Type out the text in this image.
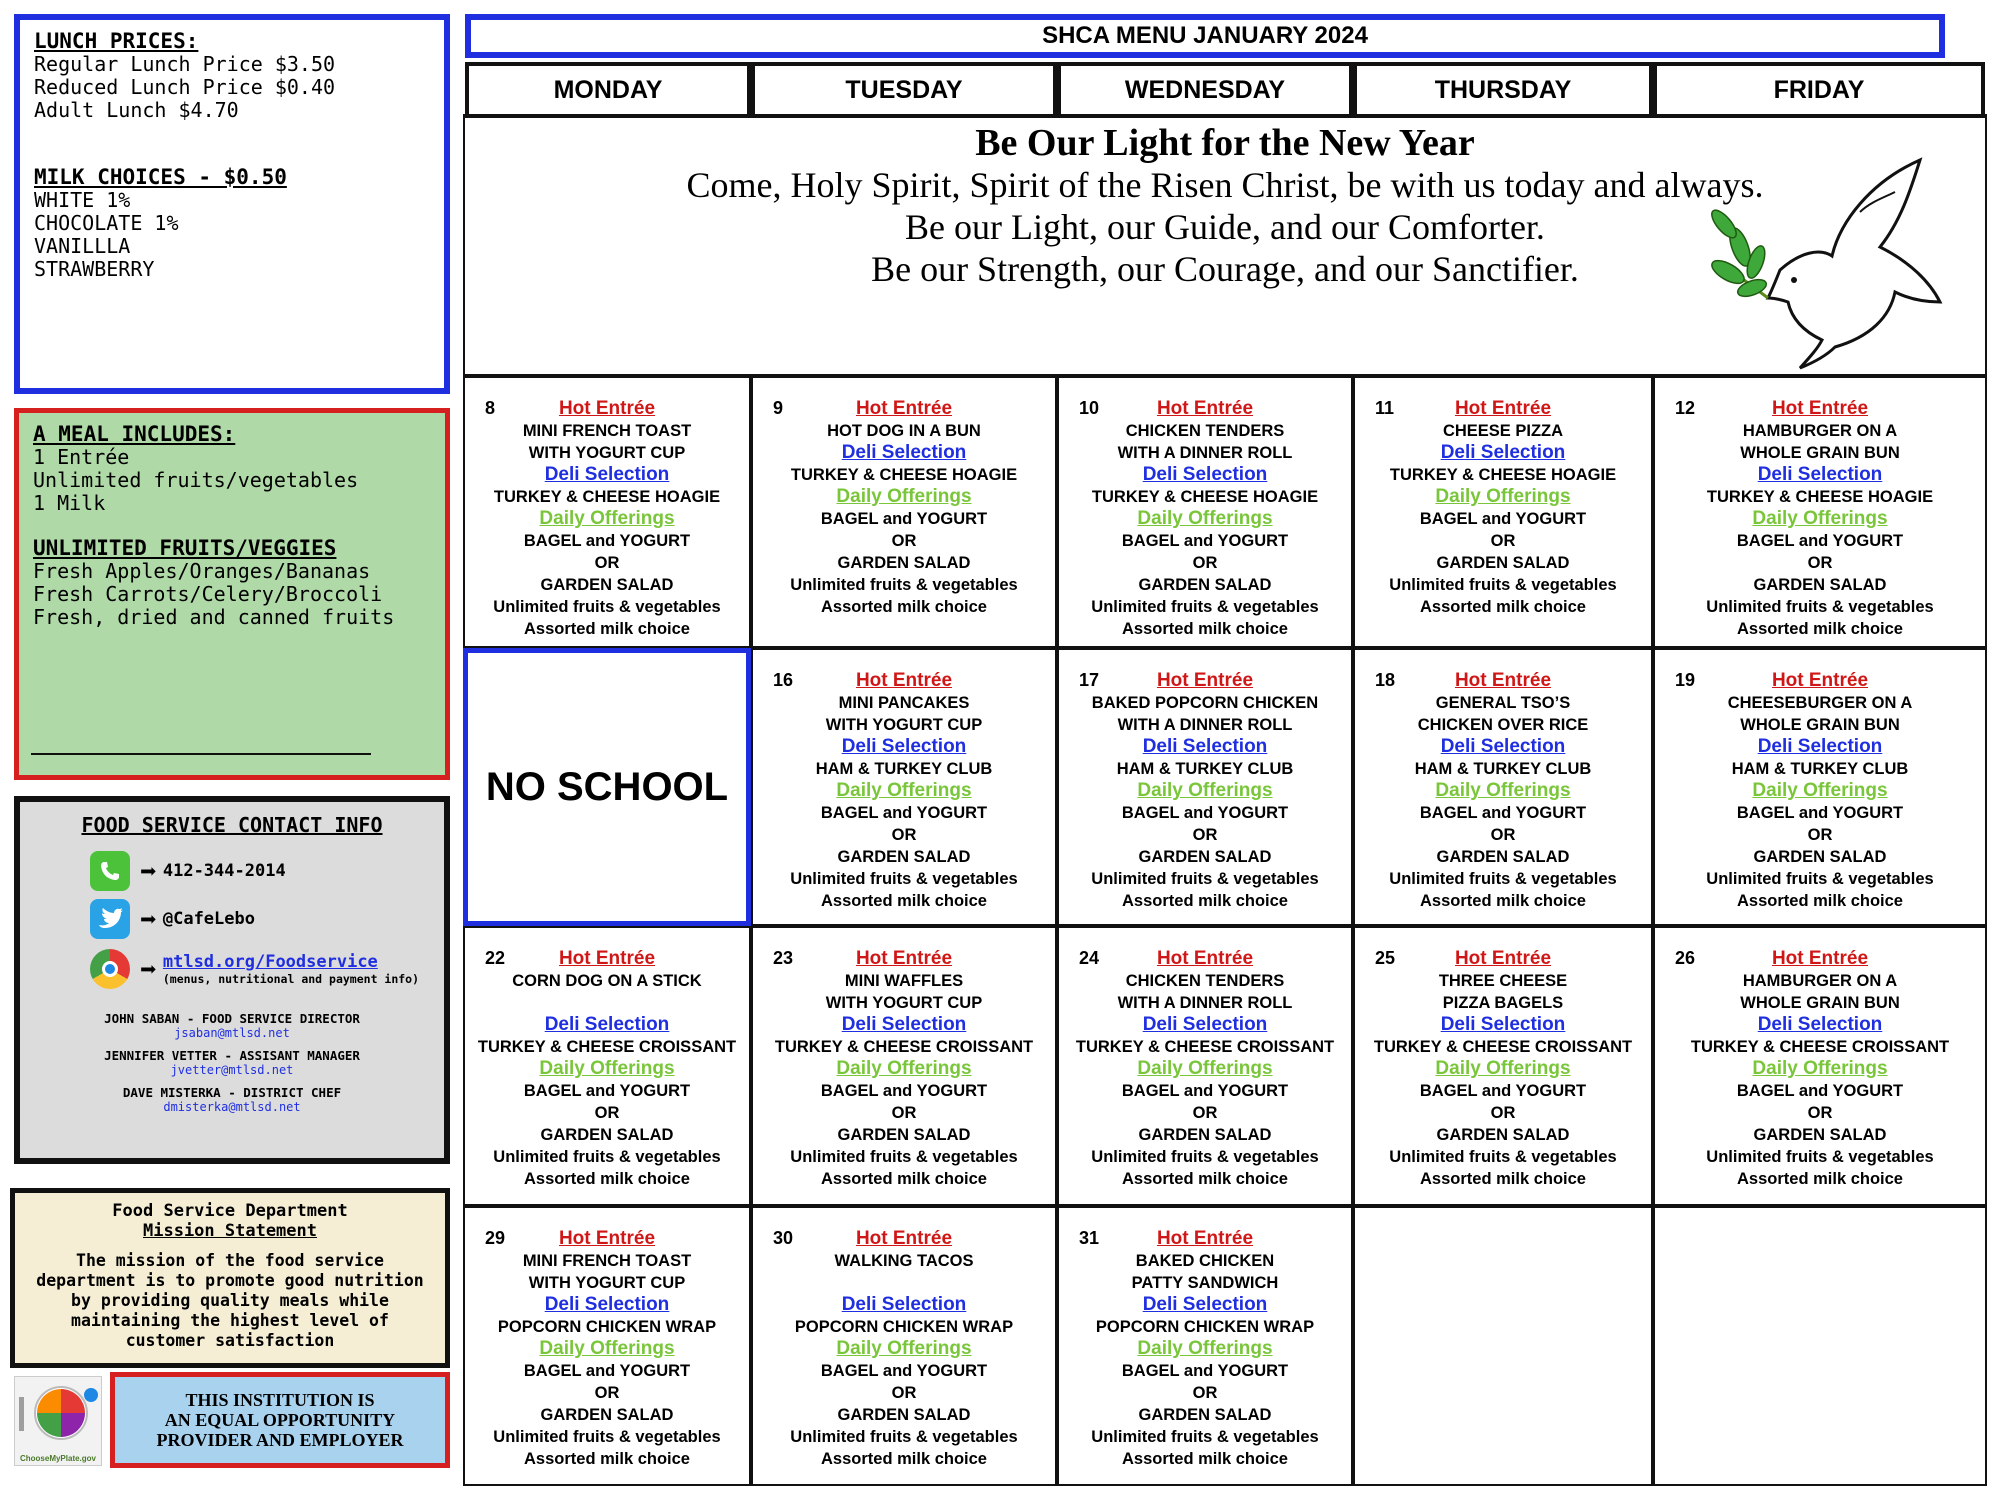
LUNCH PRICES:
Regular Lunch Price $3.50
Reduced Lunch Price $0.40
Adult Lunch $4.70
MILK CHOICES - $0.50
WHITE 1%
CHOCOLATE 1%
VANILLLA
STRAWBERRY
A MEAL INCLUDES:
1 Entrée
Unlimited fruits/vegetables
1 Milk
UNLIMITED FRUITS/VEGGIES
Fresh Apples/Oranges/Bananas
Fresh Carrots/Celery/Broccoli
Fresh, dried and canned fruits
FOOD SERVICE CONTACT INFO
➡ 412-344-2014
➡ @CafeLebo
➡ mtlsd.org/Foodservice
(menus, nutritional and payment info)
JOHN SABAN - FOOD SERVICE DIRECTOR
jsaban@mtlsd.net
JENNIFER VETTER - ASSISANT MANAGER
jvetter@mtlsd.net
DAVE MISTERKA - DISTRICT CHEF
dmisterka@mtlsd.net
Food Service Department
Mission Statement
The mission of the food service department is to promote good nutrition by providing quality meals while maintaining the highest level of customer satisfaction
ChooseMyPlate.gov
THIS INSTITUTION IS
AN EQUAL OPPORTUNITY
PROVIDER AND EMPLOYER
SHCA MENU JANUARY 2024
MONDAY	TUESDAY	WEDNESDAY	THURSDAY	FRIDAY
Be Our Light for the New Year
Come, Holy Spirit, Spirit of the Risen Christ, be with us today and always.
Be our Light, our Guide, and our Comforter.
Be our Strength, our Courage, and our Sanctifier.
8	Hot Entrée
MINI FRENCH TOAST
WITH YOGURT CUP
Deli Selection
TURKEY & CHEESE HOAGIE
Daily Offerings
BAGEL and YOGURT
OR
GARDEN SALAD
Unlimited fruits & vegetables
Assorted milk choice
9	Hot Entrée
HOT DOG IN A BUN
Deli Selection
TURKEY & CHEESE HOAGIE
Daily Offerings
BAGEL and YOGURT
OR
GARDEN SALAD
Unlimited fruits & vegetables
Assorted milk choice
10	Hot Entrée
CHICKEN TENDERS
WITH A DINNER ROLL
Deli Selection
TURKEY & CHEESE HOAGIE
Daily Offerings
BAGEL and YOGURT
OR
GARDEN SALAD
Unlimited fruits & vegetables
Assorted milk choice
11	Hot Entrée
CHEESE PIZZA
Deli Selection
TURKEY & CHEESE HOAGIE
Daily Offerings
BAGEL and YOGURT
OR
GARDEN SALAD
Unlimited fruits & vegetables
Assorted milk choice
12	Hot Entrée
HAMBURGER ON A
WHOLE GRAIN BUN
Deli Selection
TURKEY & CHEESE HOAGIE
Daily Offerings
BAGEL and YOGURT
OR
GARDEN SALAD
Unlimited fruits & vegetables
Assorted milk choice
NO SCHOOL
16	Hot Entrée
MINI PANCAKES
WITH YOGURT CUP
Deli Selection
HAM & TURKEY CLUB
Daily Offerings
BAGEL and YOGURT
OR
GARDEN SALAD
Unlimited fruits & vegetables
Assorted milk choice
17	Hot Entrée
BAKED POPCORN CHICKEN
WITH A DINNER ROLL
Deli Selection
HAM & TURKEY CLUB
Daily Offerings
BAGEL and YOGURT
OR
GARDEN SALAD
Unlimited fruits & vegetables
Assorted milk choice
18	Hot Entrée
GENERAL TSO’S
CHICKEN OVER RICE
Deli Selection
HAM & TURKEY CLUB
Daily Offerings
BAGEL and YOGURT
OR
GARDEN SALAD
Unlimited fruits & vegetables
Assorted milk choice
19	Hot Entrée
CHEESEBURGER ON A
WHOLE GRAIN BUN
Deli Selection
HAM & TURKEY CLUB
Daily Offerings
BAGEL and YOGURT
OR
GARDEN SALAD
Unlimited fruits & vegetables
Assorted milk choice
22	Hot Entrée
CORN DOG ON A STICK
Deli Selection
TURKEY & CHEESE CROISSANT
Daily Offerings
BAGEL and YOGURT
OR
GARDEN SALAD
Unlimited fruits & vegetables
Assorted milk choice
23	Hot Entrée
MINI WAFFLES
WITH YOGURT CUP
Deli Selection
TURKEY & CHEESE CROISSANT
Daily Offerings
BAGEL and YOGURT
OR
GARDEN SALAD
Unlimited fruits & vegetables
Assorted milk choice
24	Hot Entrée
CHICKEN TENDERS
WITH A DINNER ROLL
Deli Selection
TURKEY & CHEESE CROISSANT
Daily Offerings
BAGEL and YOGURT
OR
GARDEN SALAD
Unlimited fruits & vegetables
Assorted milk choice
25	Hot Entrée
THREE CHEESE
PIZZA BAGELS
Deli Selection
TURKEY & CHEESE CROISSANT
Daily Offerings
BAGEL and YOGURT
OR
GARDEN SALAD
Unlimited fruits & vegetables
Assorted milk choice
26	Hot Entrée
HAMBURGER ON A
WHOLE GRAIN BUN
Deli Selection
TURKEY & CHEESE CROISSANT
Daily Offerings
BAGEL and YOGURT
OR
GARDEN SALAD
Unlimited fruits & vegetables
Assorted milk choice
29	Hot Entrée
MINI FRENCH TOAST
WITH YOGURT CUP
Deli Selection
POPCORN CHICKEN WRAP
Daily Offerings
BAGEL and YOGURT
OR
GARDEN SALAD
Unlimited fruits & vegetables
Assorted milk choice
30	Hot Entrée
WALKING TACOS
Deli Selection
POPCORN CHICKEN WRAP
Daily Offerings
BAGEL and YOGURT
OR
GARDEN SALAD
Unlimited fruits & vegetables
Assorted milk choice
31	Hot Entrée
BAKED CHICKEN
PATTY SANDWICH
Deli Selection
POPCORN CHICKEN WRAP
Daily Offerings
BAGEL and YOGURT
OR
GARDEN SALAD
Unlimited fruits & vegetables
Assorted milk choice
